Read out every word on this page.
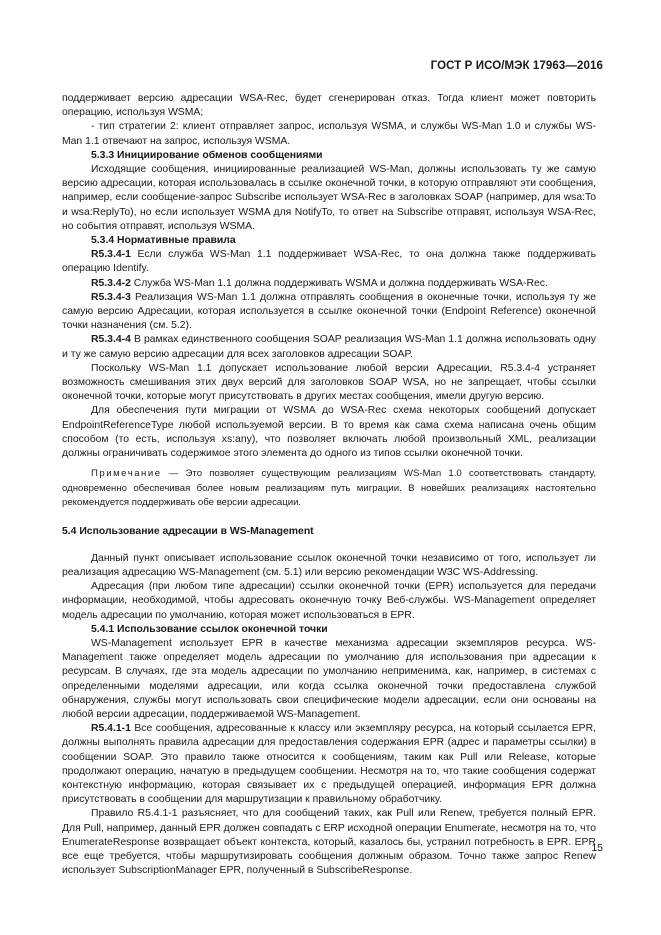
ГОСТ Р ИСО/МЭК 17963—2016

поддерживает версию адресации WSA-Rec, будет сгенерирован отказ. Тогда клиент может повторить операцию, используя WSMA;

- тип стратегии 2: клиент отправляет запрос, используя WSMA, и службы WS-Man 1.0 и службы WS-Man 1.1 отвечают на запрос, используя WSMA.

5.3.3 Инициирование обменов сообщениями

Исходящие сообщения, инициированные реализацией WS-Man, должны использовать ту же самую версию адресации, которая использовалась в ссылке оконечной точки, в которую отправляют эти сообщения, например, если сообщение-запрос Subscribe использует WSA-Rec в заголовках SOAP (например, для wsa:To и wsa:ReplyTo), но если использует WSMA для NotifyTo, то ответ на Subscribe отправят, используя WSA-Rec, но события отправят, используя WSMA.

5.3.4 Нормативные правила

R5.3.4-1 Если служба WS-Man 1.1 поддерживает WSA-Rec, то она должна также поддерживать операцию Identify.

R5.3.4-2 Служба WS-Man 1.1 должна поддерживать WSMA и должна поддерживать WSA-Rec.

R5.3.4-3 Реализация WS-Man 1.1 должна отправлять сообщения в оконечные точки, используя ту же самую версию Адресации, которая используется в ссылке оконечной точки (Endpoint Reference) оконечной точки назначения (см. 5.2).

R5.3.4-4 В рамках единственного сообщения SOAP реализация WS-Man 1.1 должна использовать одну и ту же самую версию адресации для всех заголовков адресации SOAP.

Поскольку WS-Man 1.1 допускает использование любой версии Адресации, R5.3.4-4 устраняет возможность смешивания этих двух версий для заголовков SOAP WSA, но не запрещает, чтобы ссылки оконечной точки, которые могут присутствовать в других местах сообщения, имели другую версию.

Для обеспечения пути миграции от WSMA до WSA-Rec схема некоторых сообщений допускает EndpointReferenceType любой используемой версии. В то время как сама схема написана очень общим способом (то есть, используя xs:any), что позволяет включать любой произвольный XML, реализации должны ограничивать содержимое этого элемента до одного из типов ссылки оконечной точки.

Примечание — Это позволяет существующим реализациям WS-Man 1.0 соответствовать стандарту, одновременно обеспечивая более новым реализациям путь миграции. В новейших реализациях настоятельно рекомендуется поддерживать обе версии адресации.

5.4 Использование адресации в WS-Management

Данный пункт описывает использование ссылок оконечной точки независимо от того, использует ли реализация адресацию WS-Management (см. 5.1) или версию рекомендации W3C WS-Addressing.

Адресация (при любом типе адресации) ссылки оконечной точки (EPR) используется для передачи информации, необходимой, чтобы адресовать оконечную точку Веб-службы. WS-Management определяет модель адресации по умолчанию, которая может использоваться в EPR.

5.4.1 Использование ссылок оконечной точки

WS-Management использует EPR в качестве механизма адресации экземпляров ресурса. WS-Management также определяет модель адресации по умолчанию для использования при адресации к ресурсам. В случаях, где эта модель адресации по умолчанию неприменима, как, например, в системах с определенными моделями адресации, или когда ссылка оконечной точки предоставлена службой обнаружения, службы могут использовать свои специфические модели адресации, если они основаны на любой версии адресации, поддерживаемой WS-Management.

R5.4.1-1 Все сообщения, адресованные к классу или экземпляру ресурса, на который ссылается EPR, должны выполнять правила адресации для предоставления содержания EPR (адрес и параметры ссылки) в сообщении SOAP. Это правило также относится к сообщениям, таким как Pull или Release, которые продолжают операцию, начатую в предыдущем сообщении. Несмотря на то, что такие сообщения содержат контекстную информацию, которая связывает их с предыдущей операцией, информация EPR должна присутствовать в сообщении для маршрутизации к правильному обработчику.

Правило R5.4.1-1 разъясняет, что для сообщений таких, как Pull или Renew, требуется полный EPR. Для Pull, например, данный EPR должен совпадать с ERP исходной операции Enumerate, несмотря на то, что EnumerateResponse возвращает объект контекста, который, казалось бы, устранил потребность в EPR. EPR все еще требуется, чтобы маршрутизировать сообщения должным образом. Точно также запрос Renew использует SubscriptionManager EPR, полученный в SubscribeResponse.

15
